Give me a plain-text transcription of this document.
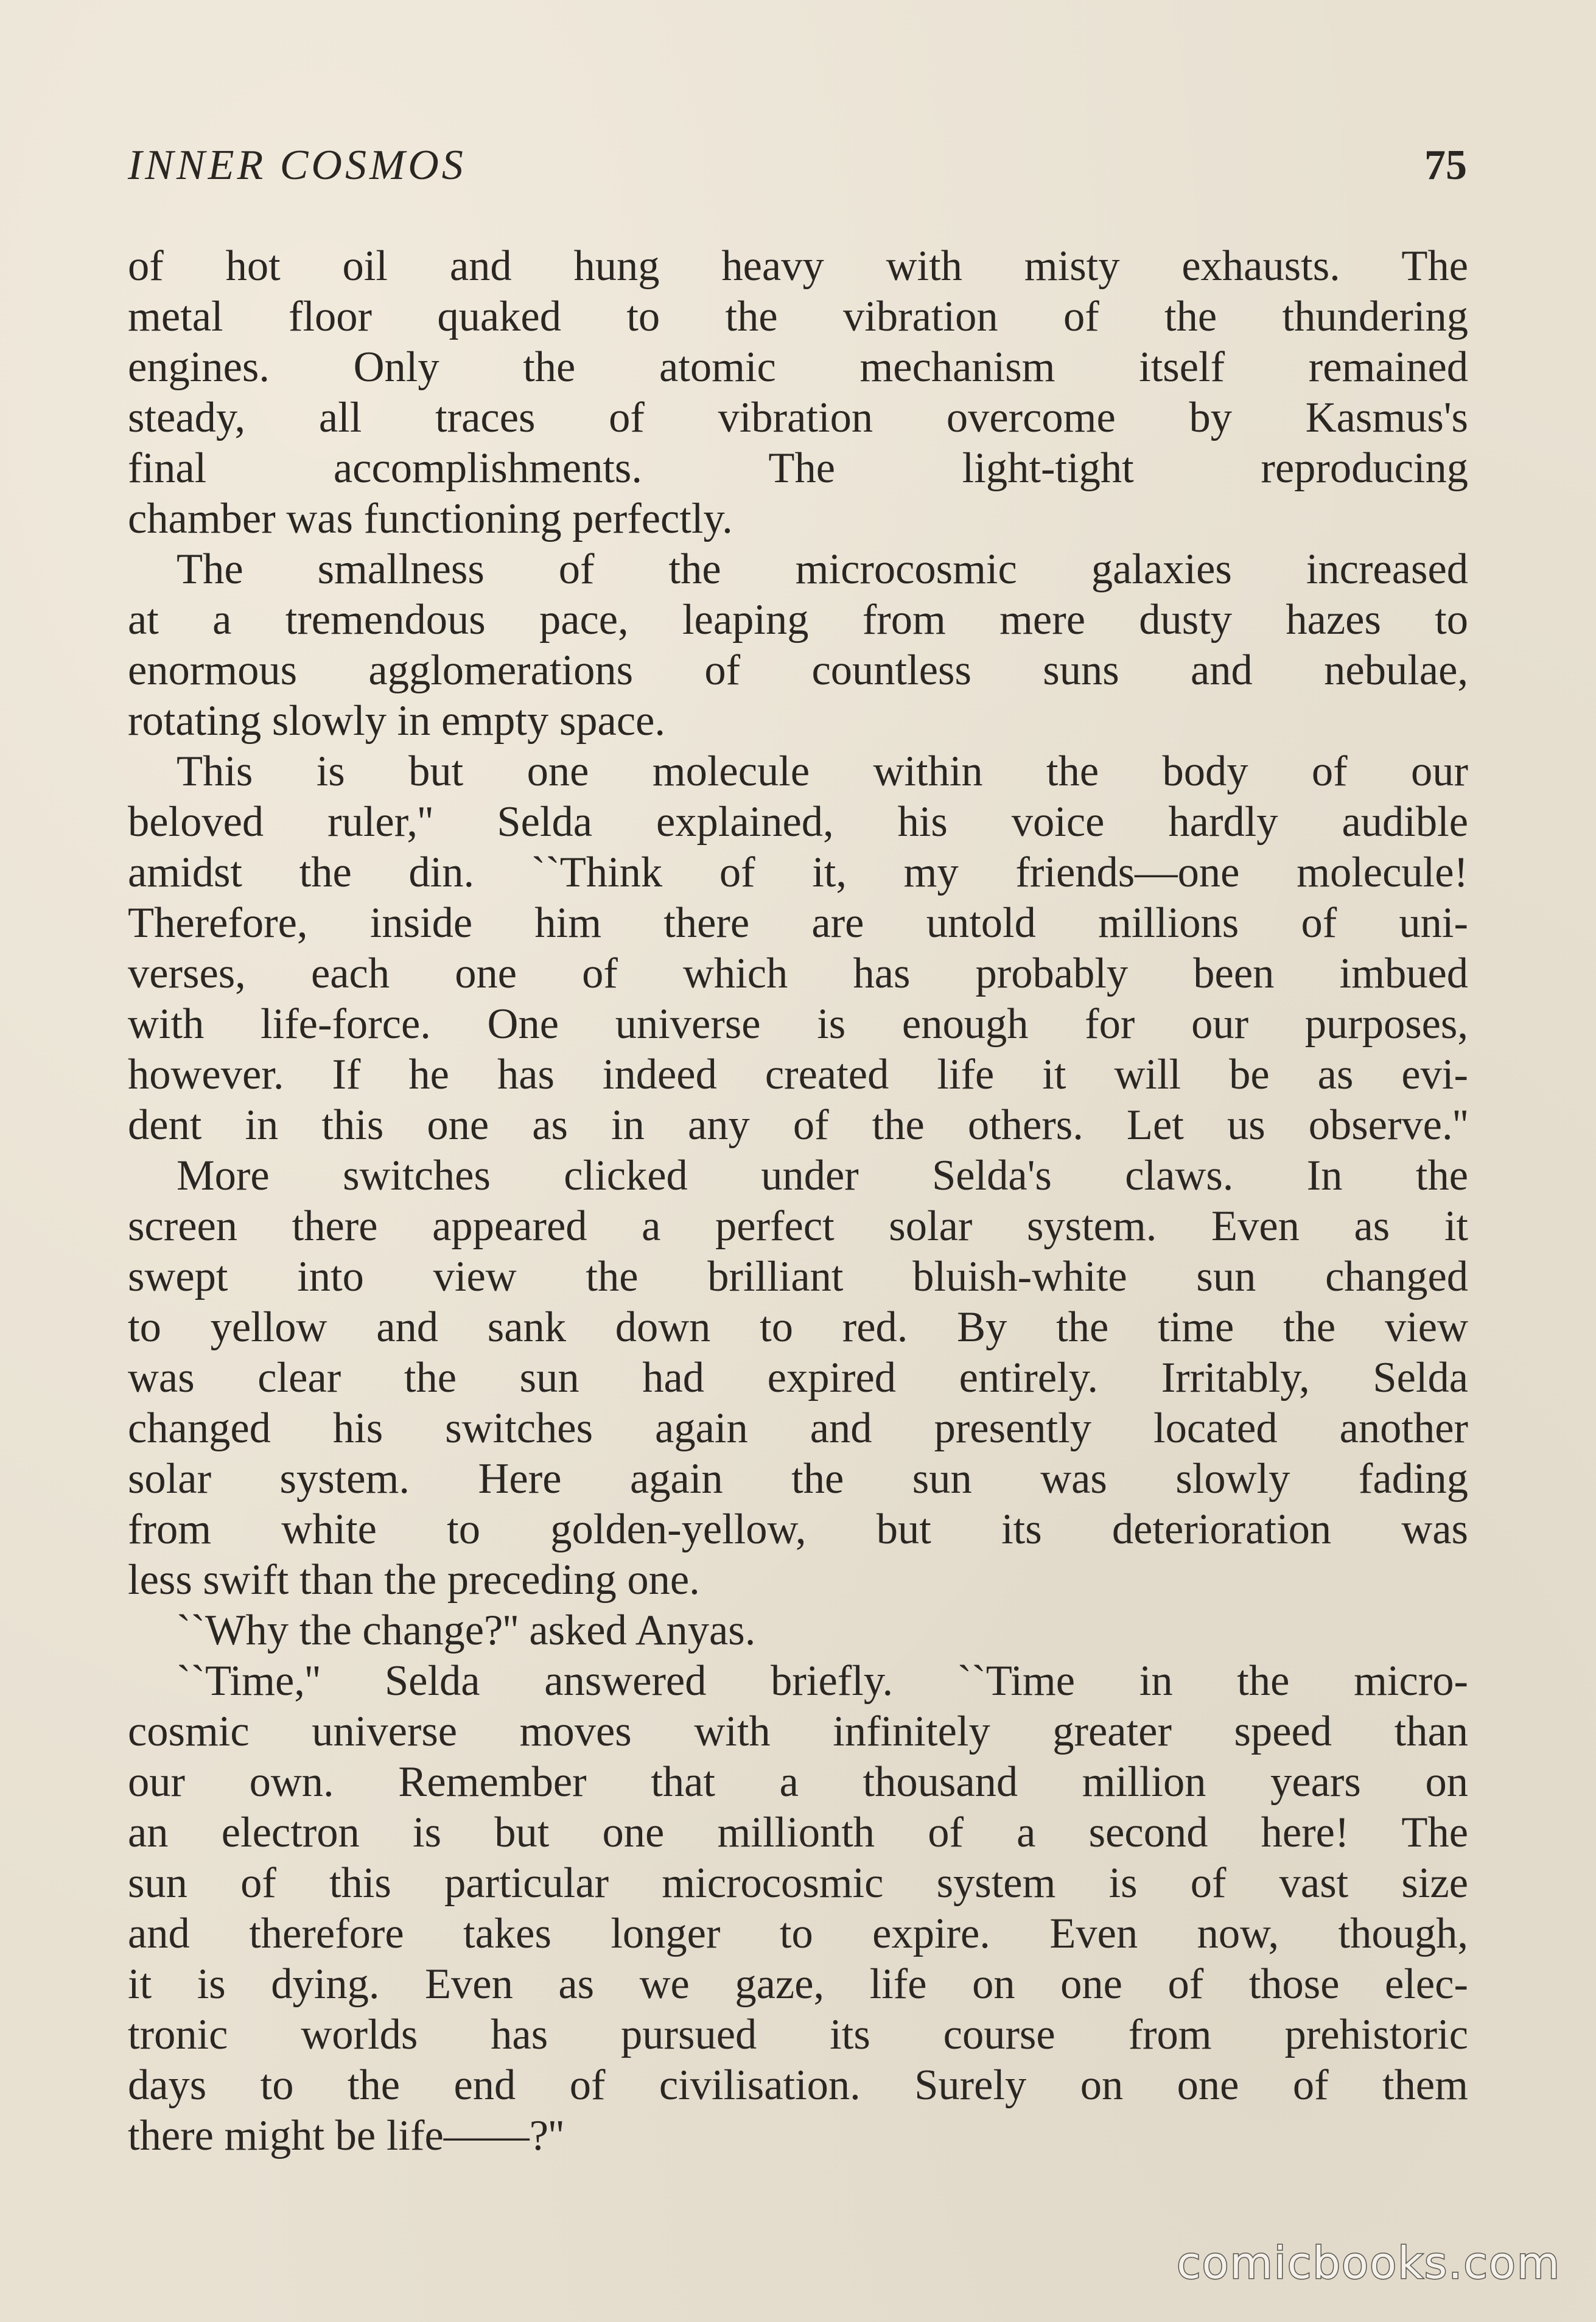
INNER COSMOS	75
of hot oil and hung heavy with misty exhausts. The
metal floor quaked to the vibration of the thundering
engines. Only the atomic mechanism itself remained
steady, all traces of vibration overcome by Kasmus's
final accomplishments. The light-tight reproducing
chamber was functioning perfectly.
The smallness of the microcosmic galaxies increased
at a tremendous pace, leaping from mere dusty hazes to
enormous agglomerations of countless suns and nebulae,
rotating slowly in empty space.
This is but one molecule within the body of our
beloved ruler,'' Selda explained, his voice hardly audible
amidst the din. ``Think of it, my friends—one molecule!
Therefore, inside him there are untold millions of uni-
verses, each one of which has probably been imbued
with life-force. One universe is enough for our purposes,
however. If he has indeed created life it will be as evi-
dent in this one as in any of the others. Let us observe.''
More switches clicked under Selda's claws. In the
screen there appeared a perfect solar system. Even as it
swept into view the brilliant bluish-white sun changed
to yellow and sank down to red. By the time the view
was clear the sun had expired entirely. Irritably, Selda
changed his switches again and presently located another
solar system. Here again the sun was slowly fading
from white to golden-yellow, but its deterioration was
less swift than the preceding one.
``Why the change?'' asked Anyas.
``Time,'' Selda answered briefly. ``Time in the micro-
cosmic universe moves with infinitely greater speed than
our own. Remember that a thousand million years on
an electron is but one millionth of a second here! The
sun of this particular microcosmic system is of vast size
and therefore takes longer to expire. Even now, though,
it is dying. Even as we gaze, life on one of those elec-
tronic worlds has pursued its course from prehistoric
days to the end of civilisation. Surely on one of them
there might be life——?''
comicbooks.com
